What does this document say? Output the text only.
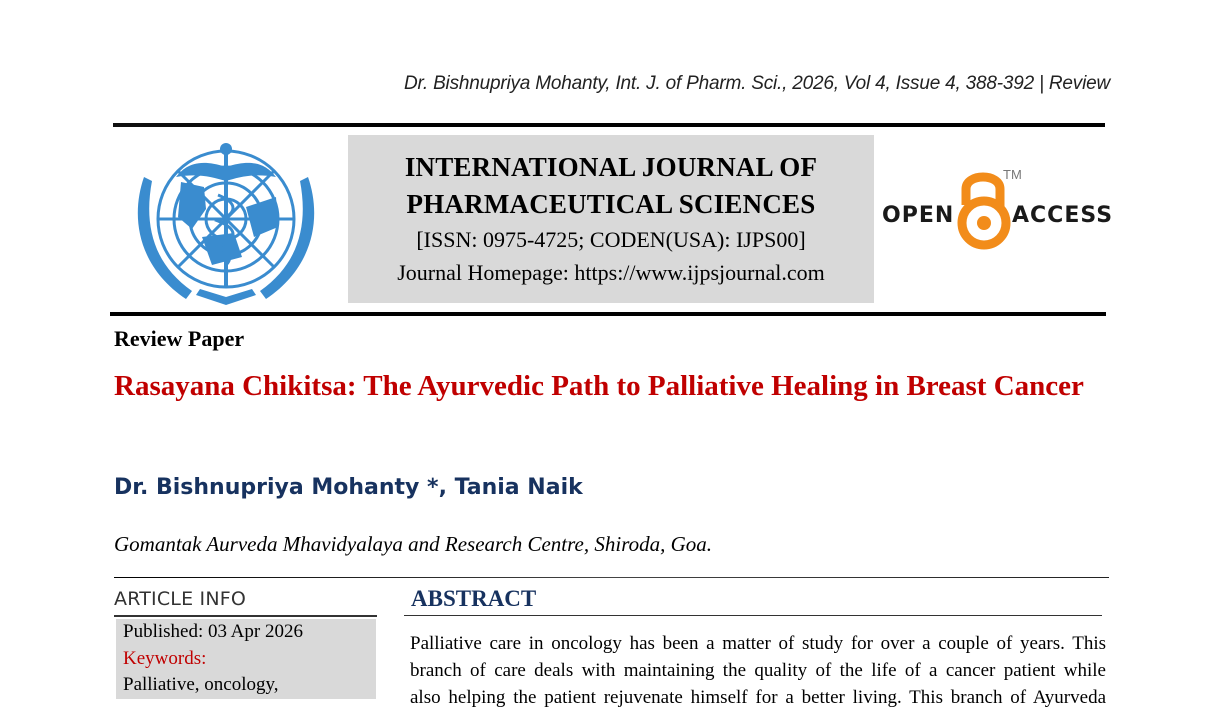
Dr. Bishnupriya Mohanty, Int. J. of Pharm. Sci., 2026, Vol 4, Issue 4, 388-392 | Review
INTERNATIONAL JOURNAL OF
PHARMACEUTICAL SCIENCES
[ISSN: 0975-4725; CODEN(USA): IJPS00]
Journal Homepage: https://www.ijpsjournal.com
OPEN
TM
ACCESS
Review Paper
Rasayana Chikitsa: The Ayurvedic Path to Palliative Healing in Breast Cancer
Dr. Bishnupriya Mohanty *, Tania Naik
Gomantak Aurveda Mhavidyalaya and Research Centre, Shiroda, Goa.
ARTICLE INFO
Published: 03 Apr 2026
Keywords:
Palliative, oncology,
ABSTRACT
Palliative care in oncology has been a matter of study for over a couple of years. This
branch of care deals with maintaining the quality of the life of a cancer patient while
also helping the patient rejuvenate himself for a better living. This branch of Ayurveda
